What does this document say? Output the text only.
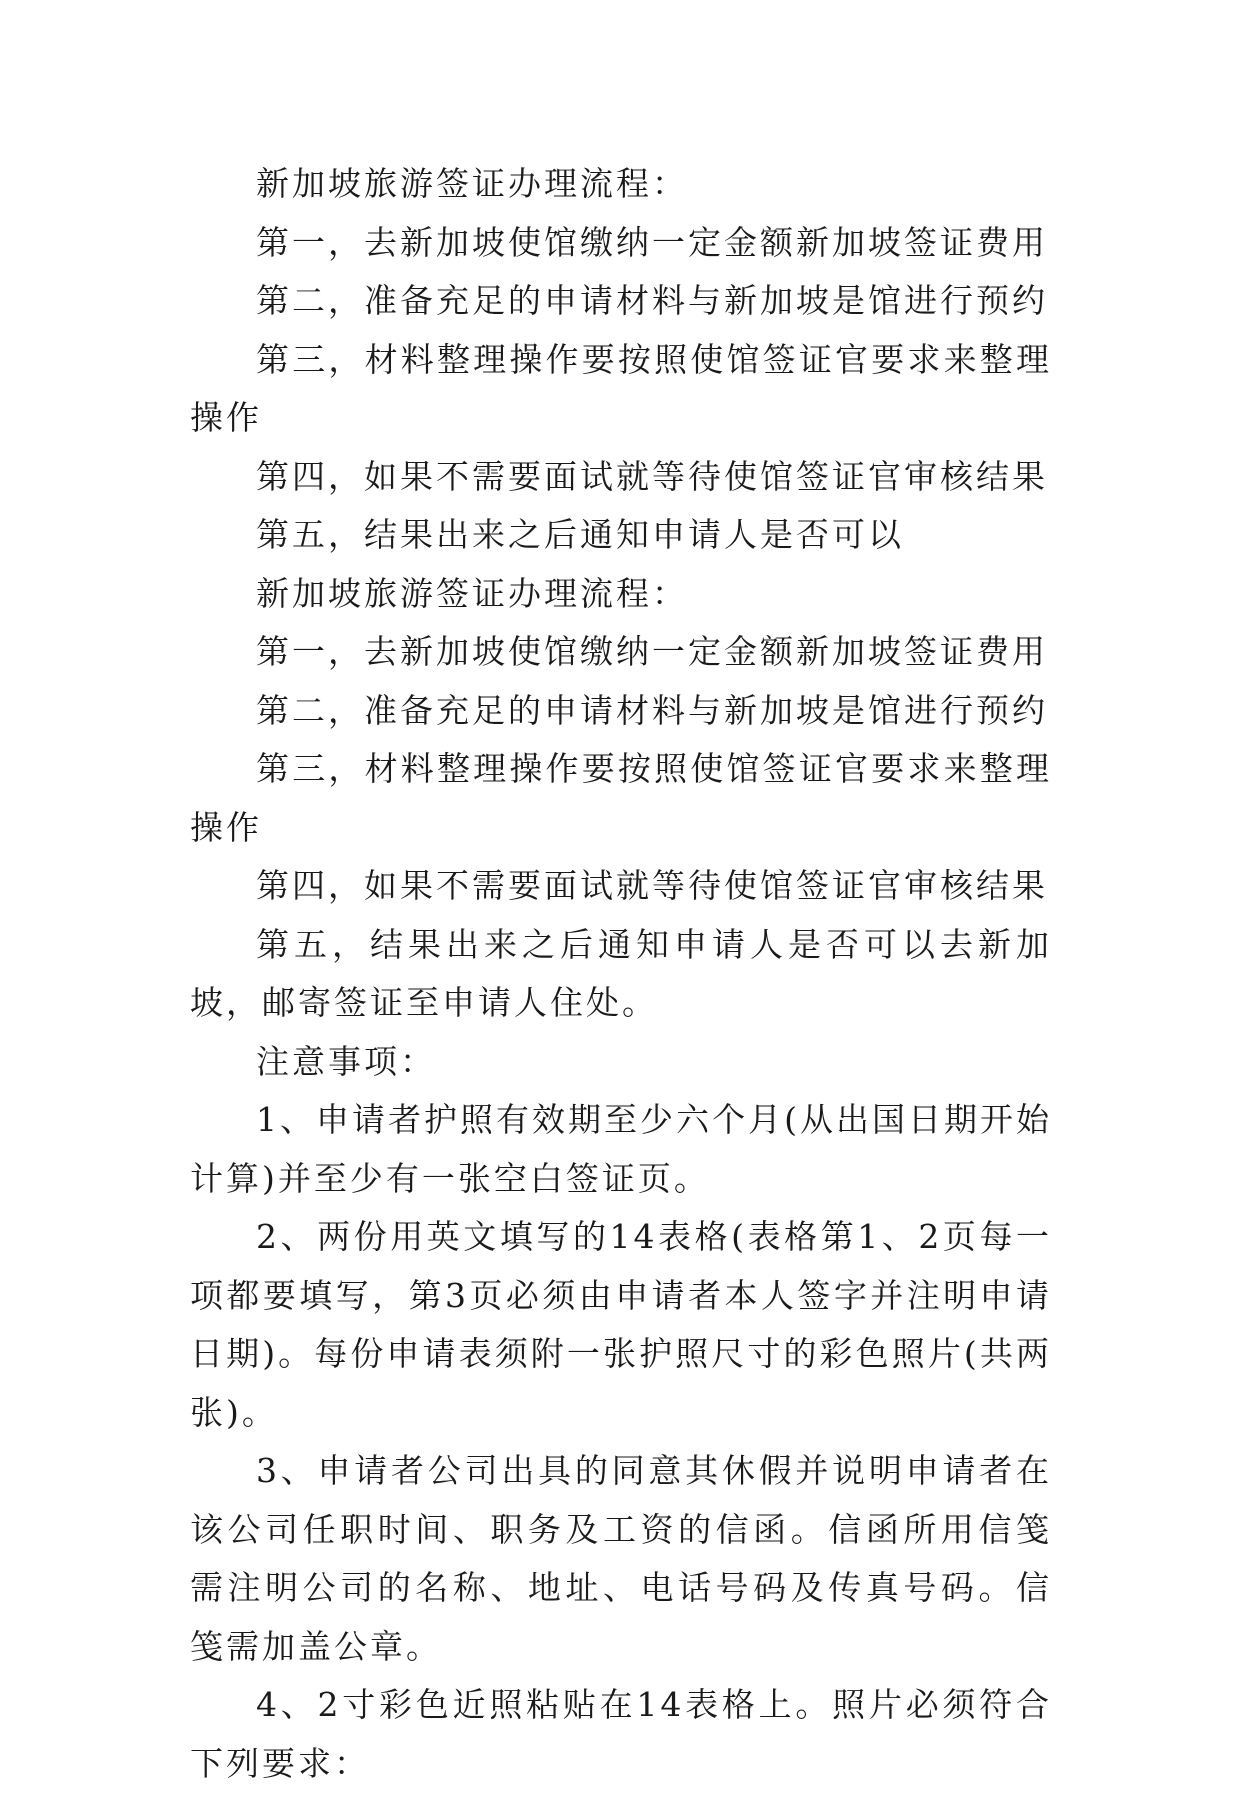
新加坡旅游签证办理流程：

第一，去新加坡使馆缴纳一定金额新加坡签证费用

第二，准备充足的申请材料与新加坡是馆进行预约

第三，材料整理操作要按照使馆签证官要求来整理操作

第四，如果不需要面试就等待使馆签证官审核结果

第五，结果出来之后通知申请人是否可以

新加坡旅游签证办理流程：

第一，去新加坡使馆缴纳一定金额新加坡签证费用

第二，准备充足的申请材料与新加坡是馆进行预约

第三，材料整理操作要按照使馆签证官要求来整理操作

第四，如果不需要面试就等待使馆签证官审核结果

第五，结果出来之后通知申请人是否可以去新加坡，邮寄签证至申请人住处。

注意事项：

1、申请者护照有效期至少六个月(从出国日期开始计算)并至少有一张空白签证页。

2、两份用英文填写的14表格(表格第1、2页每一项都要填写，第3页必须由申请者本人签字并注明申请日期)。每份申请表须附一张护照尺寸的彩色照片(共两张)。

3、申请者公司出具的同意其休假并说明申请者在该公司任职时间、职务及工资的信函。信函所用信笺需注明公司的名称、地址、电话号码及传真号码。信笺需加盖公章。

4、2寸彩色近照粘贴在14表格上。照片必须符合下列要求：
